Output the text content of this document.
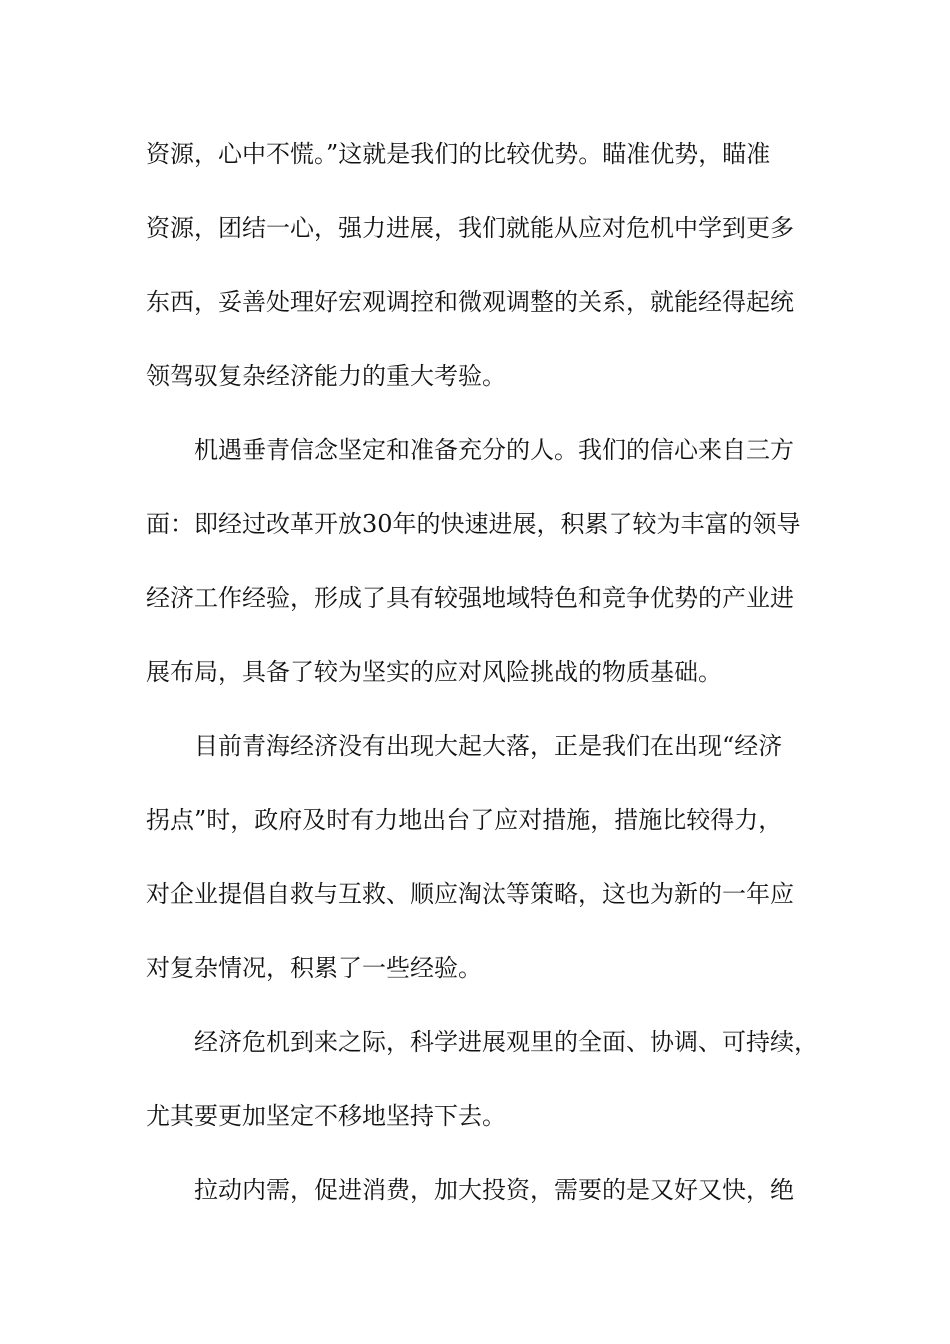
资源，心中不慌。”这就是我们的比较优势。瞄准优势，瞄准
资源，团结一心，强力进展，我们就能从应对危机中学到更多
东西，妥善处理好宏观调控和微观调整的关系，就能经得起统
领驾驭复杂经济能力的重大考验。
机遇垂青信念坚定和准备充分的人。我们的信心来自三方
面：即经过改革开放30年的快速进展，积累了较为丰富的领导
经济工作经验，形成了具有较强地域特色和竞争优势的产业进
展布局，具备了较为坚实的应对风险挑战的物质基础。
目前青海经济没有出现大起大落，正是我们在出现“经济
拐点”时，政府及时有力地出台了应对措施，措施比较得力，
对企业提倡自救与互救、顺应淘汰等策略，这也为新的一年应
对复杂情况，积累了一些经验。
经济危机到来之际，科学进展观里的全面、协调、可持续，
尤其要更加坚定不移地坚持下去。
拉动内需，促进消费，加大投资，需要的是又好又快，绝
